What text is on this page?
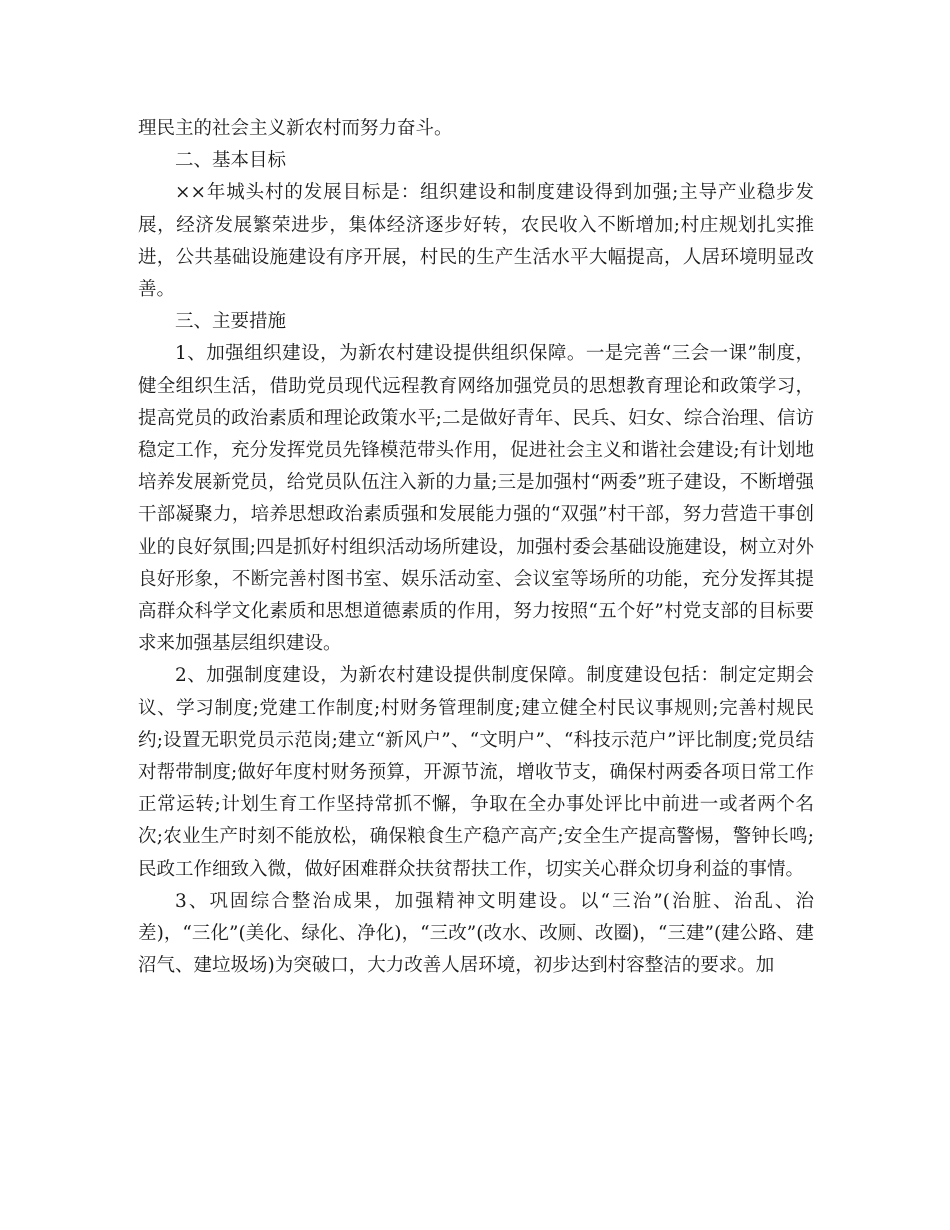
理民主的社会主义新农村而努力奋斗。

二、基本目标

××年城头村的发展目标是：组织建设和制度建设得到加强;主导产业稳步发展，经济发展繁荣进步，集体经济逐步好转，农民收入不断增加;村庄规划扎实推进，公共基础设施建设有序开展，村民的生产生活水平大幅提高，人居环境明显改善。

三、主要措施

1、加强组织建设，为新农村建设提供组织保障。一是完善“三会一课”制度，健全组织生活，借助党员现代远程教育网络加强党员的思想教育理论和政策学习，提高党员的政治素质和理论政策水平;二是做好青年、民兵、妇女、综合治理、信访稳定工作，充分发挥党员先锋模范带头作用，促进社会主义和谐社会建设;有计划地培养发展新党员，给党员队伍注入新的力量;三是加强村“两委”班子建设，不断增强干部凝聚力，培养思想政治素质强和发展能力强的“双强”村干部，努力营造干事创业的良好氛围;四是抓好村组织活动场所建设，加强村委会基础设施建设，树立对外良好形象，不断完善村图书室、娱乐活动室、会议室等场所的功能，充分发挥其提高群众科学文化素质和思想道德素质的作用，努力按照“五个好”村党支部的目标要求来加强基层组织建设。

2、加强制度建设，为新农村建设提供制度保障。制度建设包括：制定定期会议、学习制度;党建工作制度;村财务管理制度;建立健全村民议事规则;完善村规民约;设置无职党员示范岗;建立“新风户”、“文明户”、“科技示范户”评比制度;党员结对帮带制度;做好年度村财务预算，开源节流，增收节支，确保村两委各项日常工作正常运转;计划生育工作坚持常抓不懈，争取在全办事处评比中前进一或者两个名次;农业生产时刻不能放松，确保粮食生产稳产高产;安全生产提高警惕，警钟长鸣;民政工作细致入微，做好困难群众扶贫帮扶工作，切实关心群众切身利益的事情。

3、巩固综合整治成果，加强精神文明建设。以“三治”(治脏、治乱、治差)，“三化”(美化、绿化、净化)，“三改”(改水、改厕、改圈)，“三建”(建公路、建沼气、建垃圾场)为突破口，大力改善人居环境，初步达到村容整洁的要求。加
